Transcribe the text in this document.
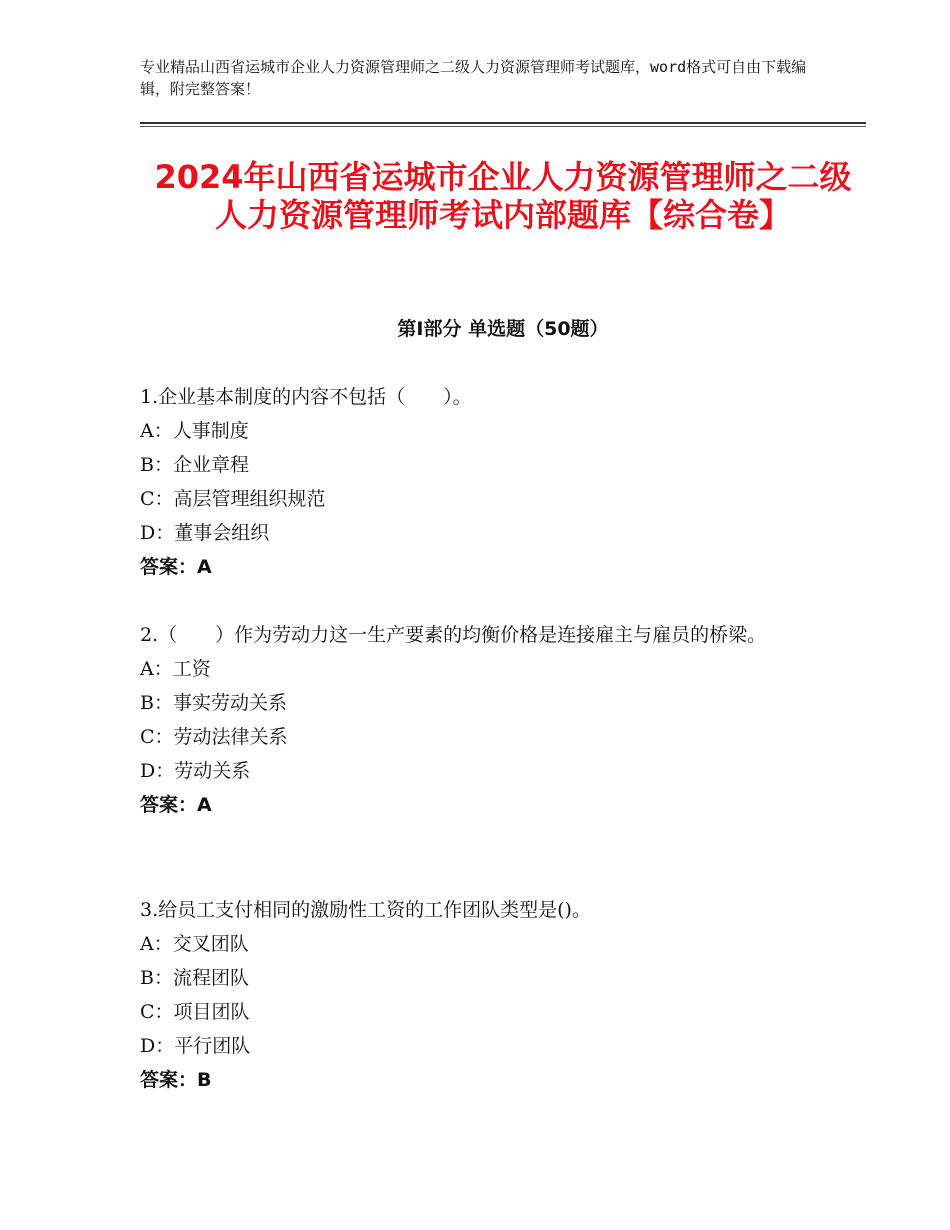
专业精品山西省运城市企业人力资源管理师之二级人力资源管理师考试题库，word格式可自由下载编辑，附完整答案！
2024年山西省运城市企业人力资源管理师之二级人力资源管理师考试内部题库【综合卷】
第Ⅰ部分 单选题（50题）
1.企业基本制度的内容不包括（　　）。
A：人事制度
B：企业章程
C：高层管理组织规范
D：董事会组织
答案：A
2.（　　）作为劳动力这一生产要素的均衡价格是连接雇主与雇员的桥梁。
A：工资
B：事实劳动关系
C：劳动法律关系
D：劳动关系
答案：A
3.给员工支付相同的激励性工资的工作团队类型是()。
A：交叉团队
B：流程团队
C：项目团队
D：平行团队
答案：B
